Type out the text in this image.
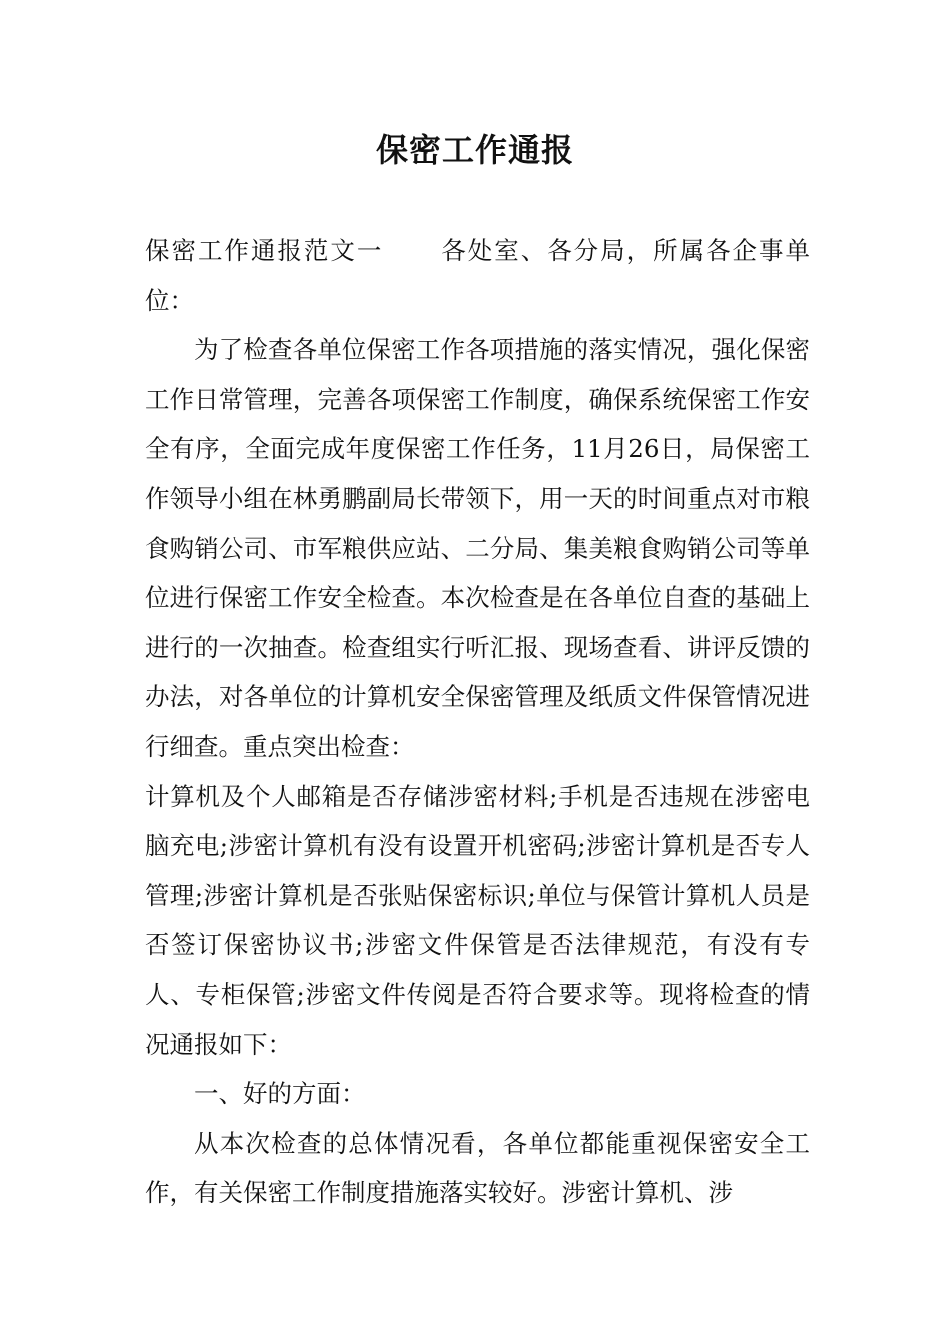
保密工作通报

保密工作通报范文一 各处室、各分局，所属各企事单位：

为了检查各单位保密工作各项措施的落实情况，强化保密工作日常管理，完善各项保密工作制度，确保系统保密工作安全有序，全面完成年度保密工作任务，11月26日，局保密工作领导小组在林勇鹏副局长带领下，用一天的时间重点对市粮食购销公司、市军粮供应站、二分局、集美粮食购销公司等单位进行保密工作安全检查。本次检查是在各单位自查的基础上进行的一次抽查。检查组实行听汇报、现场查看、讲评反馈的办法，对各单位的计算机安全保密管理及纸质文件保管情况进行细查。重点突出检查：

计算机及个人邮箱是否存储涉密材料;手机是否违规在涉密电脑充电;涉密计算机有没有设置开机密码;涉密计算机是否专人管理;涉密计算机是否张贴保密标识;单位与保管计算机人员是否签订保密协议书;涉密文件保管是否法律规范，有没有专人、专柜保管;涉密文件传阅是否符合要求等。现将检查的情况通报如下：

一、好的方面：

从本次检查的总体情况看，各单位都能重视保密安全工作，有关保密工作制度措施落实较好。涉密计算机、涉
